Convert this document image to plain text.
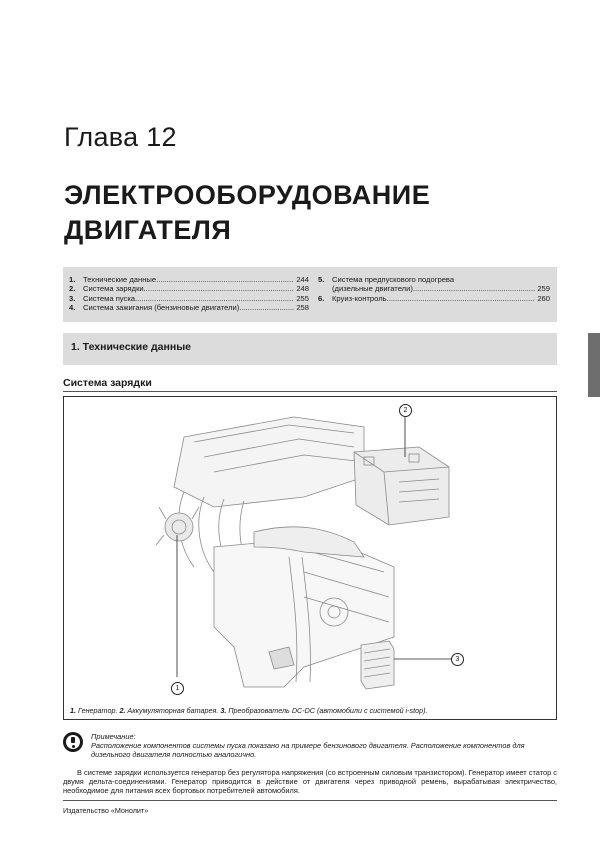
Глава 12
ЭЛЕКТРООБОРУДОВАНИЕ
ДВИГАТЕЛЯ
1.	Технические данные .....	244
2.	Система зарядки .....	248
3.	Система пуска .....	255
4.	Система зажигания (бензиновые двигатели) .....	258
5.	Система предпускового подогрева
(дизельные двигатели) .....	259
6.	Круиз-контроль .....	260
1. Технические данные
Система зарядки
1
2
3
1. Генератор. 2. Аккумуляторная батарея. 3. Преобразователь DC-DC (автомобили с системой i-stop).
Примечание:
Расположение компонентов системы пуска показано на примере бензинового двигателя. Расположение компонентов для дизельного двигателя полностью аналогично.
В системе зарядки используется генератор без регулятора напряжения (со встроенным силовым транзистором). Генератор имеет статор с двумя дельта-соединениями. Генератор приводится в действие от двигателя через приводной ремень, вырабатывая электричество, необходимое для питания всех бортовых потребителей автомобиля.
Издательство «Монолит»
